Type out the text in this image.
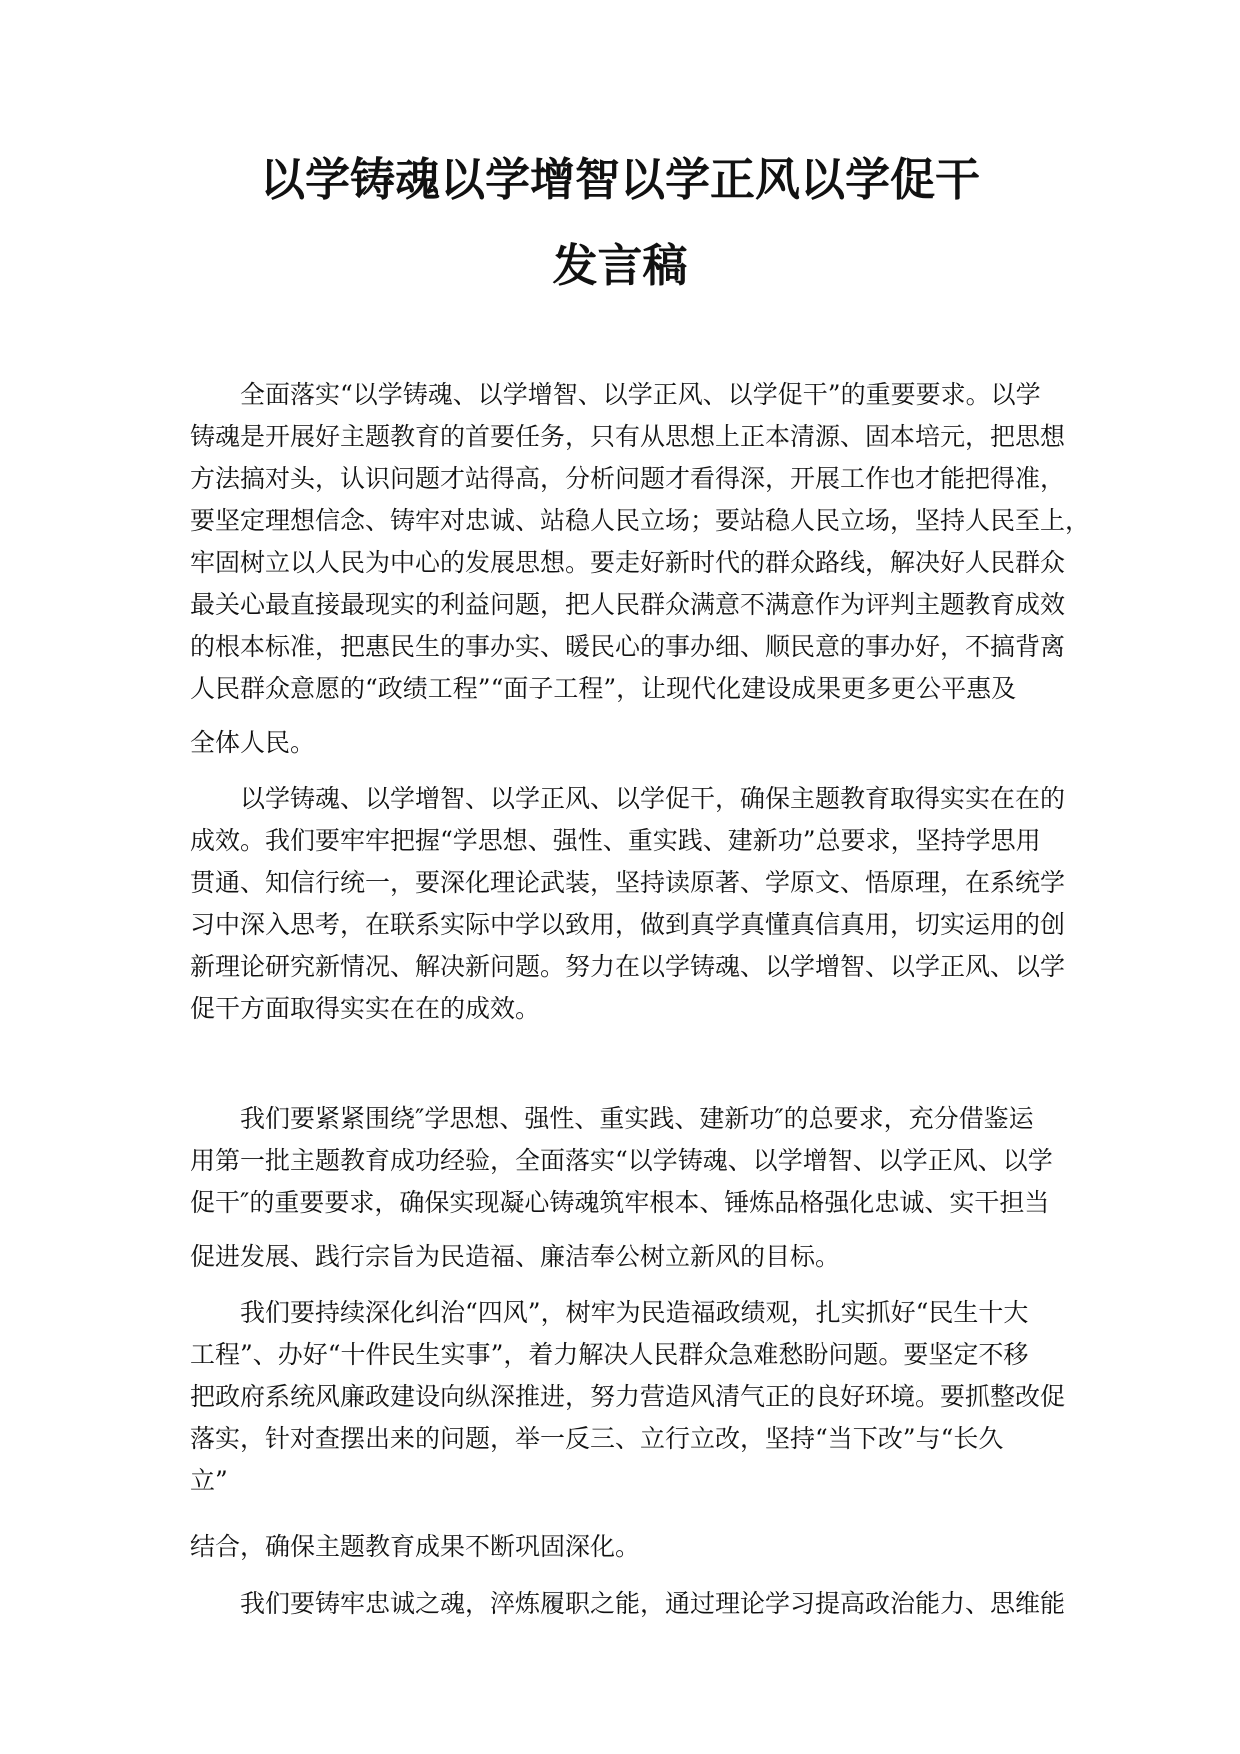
以学铸魂以学增智以学正风以学促干
发言稿

全面落实“以学铸魂、以学增智、以学正风、以学促干”的重要要求。以学

铸魂是开展好主题教育的首要任务，只有从思想上正本清源、固本培元，把思想

方法搞对头，认识问题才站得高，分析问题才看得深，开展工作也才能把得准，

要坚定理想信念、铸牢对忠诚、站稳人民立场；要站稳人民立场，坚持人民至上，

牢固树立以人民为中心的发展思想。要走好新时代的群众路线，解决好人民群众

最关心最直接最现实的利益问题，把人民群众满意不满意作为评判主题教育成效

的根本标准，把惠民生的事办实、暖民心的事办细、顺民意的事办好，不搞背离

人民群众意愿的“政绩工程”“面子工程”，让现代化建设成果更多更公平惠及

全体人民。

以学铸魂、以学增智、以学正风、以学促干，确保主题教育取得实实在在的

成效。我们要牢牢把握“学思想、强性、重实践、建新功”总要求，坚持学思用

贯通、知信行统一，要深化理论武装，坚持读原著、学原文、悟原理，在系统学

习中深入思考，在联系实际中学以致用，做到真学真懂真信真用，切实运用的创

新理论研究新情况、解决新问题。努力在以学铸魂、以学增智、以学正风、以学

促干方面取得实实在在的成效。

我们要紧紧围绕″学思想、强性、重实践、建新功″的总要求，充分借鉴运

用第一批主题教育成功经验，全面落实“以学铸魂、以学增智、以学正风、以学

促干″的重要要求，确保实现凝心铸魂筑牢根本、锤炼品格强化忠诚、实干担当

促进发展、践行宗旨为民造福、廉洁奉公树立新风的目标。

我们要持续深化纠治“四风”，树牢为民造福政绩观，扎实抓好“民生十大

工程”、办好“十件民生实事”，着力解决人民群众急难愁盼问题。要坚定不移

把政府系统风廉政建设向纵深推进，努力营造风清气正的良好环境。要抓整改促

落实，针对查摆出来的问题，举一反三、立行立改，坚持“当下改”与“长久

立”

结合，确保主题教育成果不断巩固深化。

我们要铸牢忠诚之魂，淬炼履职之能，通过理论学习提高政治能力、思维能
